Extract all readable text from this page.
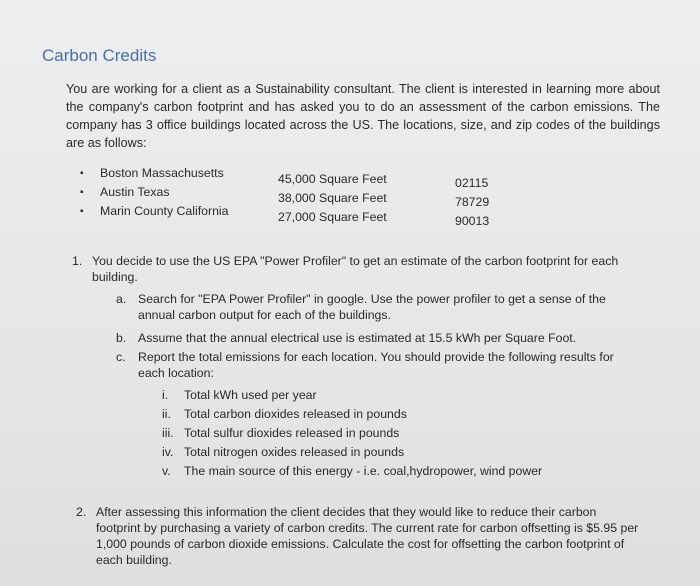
Carbon Credits
You are working for a client as a Sustainability consultant. The client is interested in learning more about the company's carbon footprint and has asked you to do an assessment of the carbon emissions. The company has 3 office buildings located across the US. The locations, size, and zip codes of the buildings are as follows:
▪ Boston Massachusetts	45,000 Square Feet	02115
▪ Austin Texas	38,000 Square Feet	78729
▪ Marin County California	27,000 Square Feet	90013
1. You decide to use the US EPA "Power Profiler" to get an estimate of the carbon footprint for each building.
a. Search for "EPA Power Profiler" in google. Use the power profiler to get a sense of the annual carbon output for each of the buildings.
b. Assume that the annual electrical use is estimated at 15.5 kWh per Square Foot.
c. Report the total emissions for each location. You should provide the following results for each location:
i. Total kWh used per year
ii. Total carbon dioxides released in pounds
iii. Total sulfur dioxides released in pounds
iv. Total nitrogen oxides released in pounds
v. The main source of this energy - i.e. coal,hydropower, wind power
2. After assessing this information the client decides that they would like to reduce their carbon footprint by purchasing a variety of carbon credits. The current rate for carbon offsetting is $5.95 per 1,000 pounds of carbon dioxide emissions. Calculate the cost for offsetting the carbon footprint of each building.
